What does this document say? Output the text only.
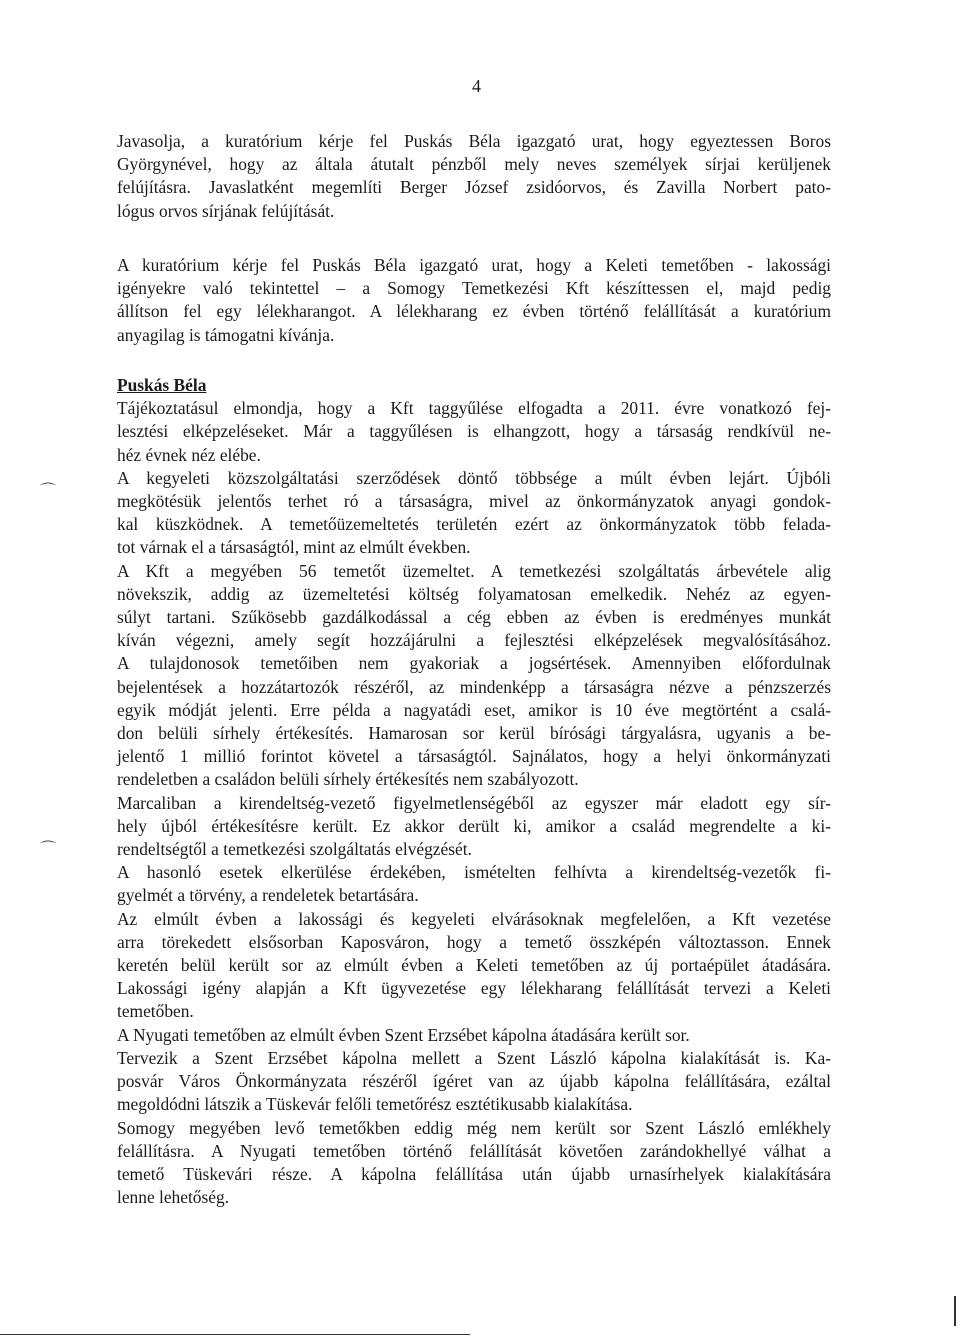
4
Javasolja, a kuratórium kérje fel Puskás Béla igazgató urat, hogy egyeztessen Boros
Györgynével, hogy az általa átutalt pénzből mely neves személyek sírjai kerüljenek
felújításra. Javaslatként megemlíti Berger József zsidóorvos, és Zavilla Norbert pato-
lógus orvos sírjának felújítását.
A kuratórium kérje fel Puskás Béla igazgató urat, hogy a Keleti temetőben - lakossági
igényekre való tekintettel – a Somogy Temetkezési Kft készíttessen el, majd pedig
állítson fel egy lélekharangot. A lélekharang ez évben történő felállítását a kuratórium
anyagilag is támogatni kívánja.
Puskás Béla
Tájékoztatásul elmondja, hogy a Kft taggyűlése elfogadta a 2011. évre vonatkozó fej-
lesztési elképzeléseket. Már a taggyűlésen is elhangzott, hogy a társaság rendkívül ne-
héz évnek néz elébe.
A kegyeleti közszolgáltatási szerződések döntő többsége a múlt évben lejárt. Újbóli
megkötésük jelentős terhet ró a társaságra, mivel az önkormányzatok anyagi gondok-
kal küszködnek. A temetőüzemeltetés területén ezért az önkormányzatok több felada-
tot várnak el a társaságtól, mint az elmúlt években.
A Kft a megyében 56 temetőt üzemeltet. A temetkezési szolgáltatás árbevétele alig
növekszik, addig az üzemeltetési költség folyamatosan emelkedik. Nehéz az egyen-
súlyt tartani. Szűkösebb gazdálkodással a cég ebben az évben is eredményes munkát
kíván végezni, amely segít hozzájárulni a fejlesztési elképzelések megvalósításához.
A tulajdonosok temetőiben nem gyakoriak a jogsértések. Amennyiben előfordulnak
bejelentések a hozzátartozók részéről, az mindenképp a társaságra nézve a pénzszerzés
egyik módját jelenti. Erre példa a nagyatádi eset, amikor is 10 éve megtörtént a csalá-
don belüli sírhely értékesítés. Hamarosan sor kerül bírósági tárgyalásra, ugyanis a be-
jelentő 1 millió forintot követel a társaságtól. Sajnálatos, hogy a helyi önkormányzati
rendeletben a családon belüli sírhely értékesítés nem szabályozott.
Marcaliban a kirendeltség-vezető figyelmetlenségéből az egyszer már eladott egy sír-
hely újból értékesítésre került. Ez akkor derült ki, amikor a család megrendelte a ki-
rendeltségtől a temetkezési szolgáltatás elvégzését.
A hasonló esetek elkerülése érdekében, ismételten felhívta a kirendeltség-vezetők fi-
gyelmét a törvény, a rendeletek betartására.
Az elmúlt évben a lakossági és kegyeleti elvárásoknak megfelelően, a Kft vezetése
arra törekedett elsősorban Kaposváron, hogy a temető összképén változtasson. Ennek
keretén belül került sor az elmúlt évben a Keleti temetőben az új portaépület átadására.
Lakossági igény alapján a Kft ügyvezetése egy lélekharang felállítását tervezi a Keleti
temetőben.
A Nyugati temetőben az elmúlt évben Szent Erzsébet kápolna átadására került sor.
Tervezik a Szent Erzsébet kápolna mellett a Szent László kápolna kialakítását is. Ka-
posvár Város Önkormányzata részéről ígéret van az újabb kápolna felállítására, ezáltal
megoldódni látszik a Tüskevár felőli temetőrész esztétikusabb kialakítása.
Somogy megyében levő temetőkben eddig még nem került sor Szent László emlékhely
felállításra. A Nyugati temetőben történő felállítását követően zarándokhellyé válhat a
temető Tüskevári része. A kápolna felállítása után újabb urnasírhelyek kialakítására
lenne lehetőség.
⌒
⌒
